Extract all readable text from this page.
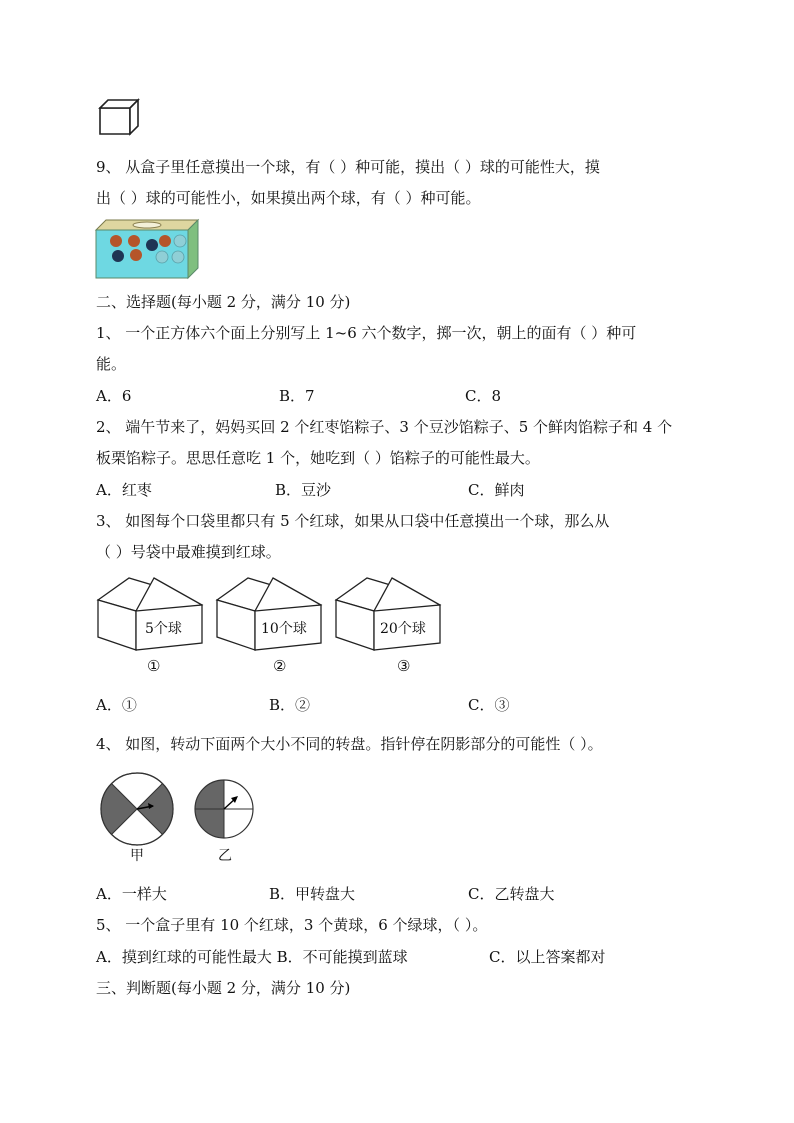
9、 从盒子里任意摸出一个球，有（ ）种可能，摸出（ ）球的可能性大，摸
出（ ）球的可能性小，如果摸出两个球，有（ ）种可能。
二、选择题(每小题 2 分，满分 10 分)
1、 一个正方体六个面上分别写上 1~6 六个数字，掷一次，朝上的面有（ ）种可
能。
A．6	B．7	C．8
2、 端午节来了，妈妈买回 2 个红枣馅粽子、3 个豆沙馅粽子、5 个鲜肉馅粽子和 4 个
板栗馅粽子。思思任意吃 1 个，她吃到（ ）馅粽子的可能性最大。
A．红枣	B．豆沙	C．鲜肉
3、 如图每个口袋里都只有 5 个红球，如果从口袋中任意摸出一个球，那么从
（ ）号袋中最难摸到红球。
5个球
①
10个球
②
20个球
③
A．①	B．②	C．③
4、 如图，转动下面两个大小不同的转盘。指针停在阴影部分的可能性（ ）。
甲	乙
A．一样大	B．甲转盘大	C．乙转盘大
5、 一个盒子里有 10 个红球，3 个黄球，6 个绿球，（ ）。
A．摸到红球的可能性最大 B．不可能摸到蓝球	C．以上答案都对
三、判断题(每小题 2 分，满分 10 分)
